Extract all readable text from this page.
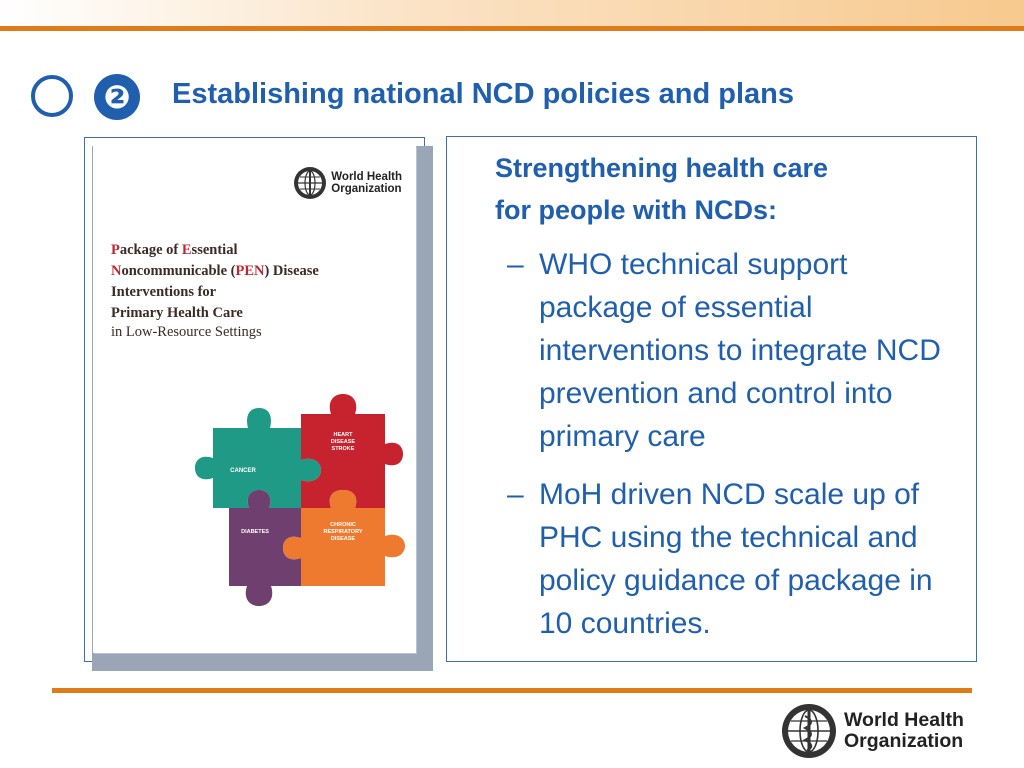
❷	Establishing national NCD policies and plans
World Health
Organization
Package of Essential
Noncommunicable (PEN) Disease
Interventions for
Primary Health Care
in Low-Resource Settings
CANCER
HEART
DISEASE
STROKE
DIABETES
CHRONIC
RESPIRATORY
DISEASE
Strengthening health care
for people with NCDs:
– WHO technical support package of essential interventions to integrate NCD prevention and control into primary care
– MoH driven NCD scale up of PHC using the technical and policy guidance of package in 10 countries.
World Health
Organization
